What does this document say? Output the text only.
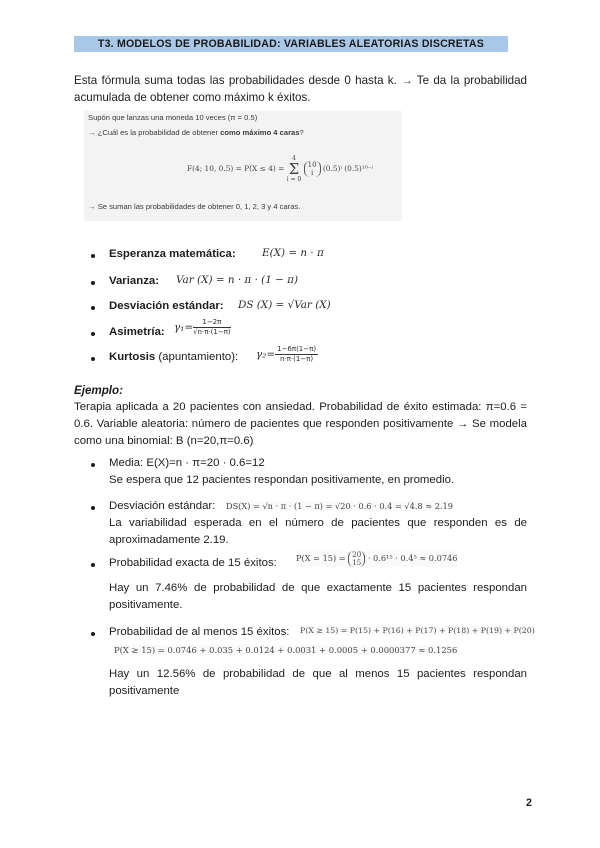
T3. MODELOS DE PROBABILIDAD: VARIABLES ALEATORIAS DISCRETAS
Esta fórmula suma todas las probabilidades desde 0 hasta k. → Te da la probabilidad acumulada de obtener como máximo k éxitos.
Supón que lanzas una moneda 10 veces (π = 0.5)
→ ¿Cuál es la probabilidad de obtener como máximo 4 caras?
F(4; 10, 0.5) = P(X ≤ 4) =
4
Σ
i = 0

10
i	(0.5)ⁱ (0.5)¹⁰⁻ⁱ
→ Se suman las probabilidades de obtener 0, 1, 2, 3 y 4 caras.
Esperanza matemática:	E(X) = n · π
Varianza: Var (X) = n · π · (1 − π)
Desviación estándar: DS (X) = √Var (X)
Asimetría: $\gamma_1= \frac{1-2\pi}{√n\cdot\pi\cdot(1-\pi)}$
Kurtosis (apuntamiento): $\gamma_2= \frac{1-6\pi(1-\pi)}{n\cdot\pi\cdot(1-\pi)}$
Ejemplo:
Terapia aplicada a 20 pacientes con ansiedad. Probabilidad de éxito estimada: π=0.6 = 0.6. Variable aleatoria: número de pacientes que responden positivamente → Se modela como una binomial: B (n=20,π=0.6)
Media: E(X)=n · π=20 · 0.6=12
Se espera que 12 pacientes respondan positivamente, en promedio.
Desviación estándar: DS(X) = √n · π · (1 − π) = √20 · 0.6 · 0.4 = √4.8 ≈ 2.19
La variabilidad esperada en el número de pacientes que responden es de aproximadamente 2.19.
Probabilidad exacta de 15 éxitos: P(X = 15) = 20
15 · 0.6¹⁵ · 0.4⁵ ≈ 0.0746
Hay un 7.46% de probabilidad de que exactamente 15 pacientes respondan positivamente.
Probabilidad de al menos 15 éxitos: P(X ≥ 15) = P(15) + P(16) + P(17) + P(18) + P(19) + P(20)
P(X ≥ 15) = 0.0746 + 0.035 + 0.0124 + 0.0031 + 0.0005 + 0.0000377 ≈ 0.1256
Hay un 12.56% de probabilidad de que al menos 15 pacientes respondan positivamente
2
